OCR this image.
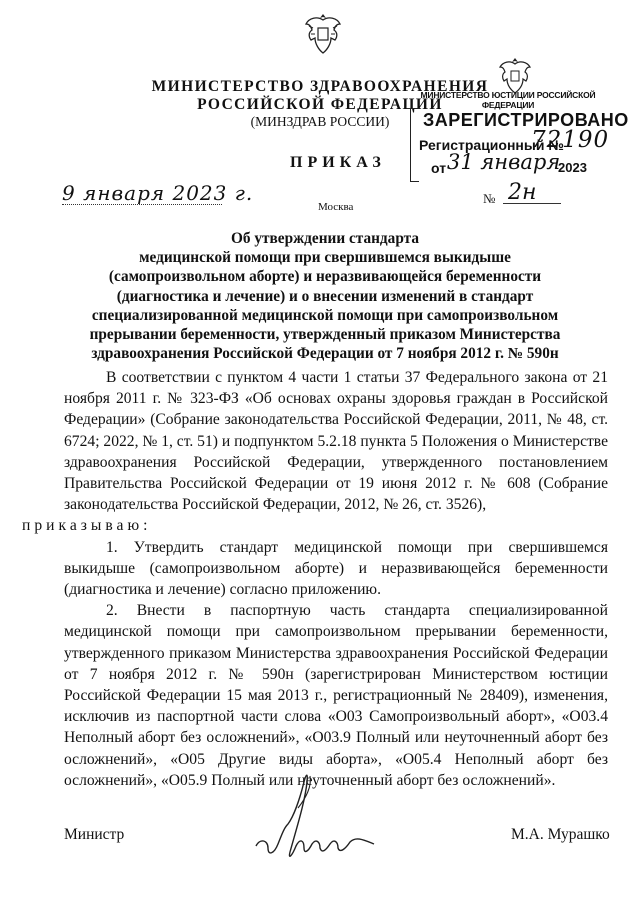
МИНИСТЕРСТВО ЗДРАВООХРАНЕНИЯ
РОССИЙСКОЙ ФЕДЕРАЦИИ
(МИНЗДРАВ РОССИИ)
МИНИСТЕРСТВО ЮСТИЦИИ РОССИЙСКОЙ ФЕДЕРАЦИИ
ЗАРЕГИСТРИРОВАНО
Регистрационный №
72190
от 31 января
2023
ПРИКАЗ
9 января 2023 г.
Москва
№ 2н
Об утверждении стандарта
медицинской помощи при свершившемся выкидыше
(самопроизвольном аборте) и неразвивающейся беременности
(диагностика и лечение) и о внесении изменений в стандарт
специализированной медицинской помощи при самопроизвольном
прерывании беременности, утвержденный приказом Министерства
здравоохранения Российской Федерации от 7 ноября 2012 г. № 590н

В соответствии с пунктом 4 части 1 статьи 37 Федерального закона от 21 ноября 2011 г. № 323-ФЗ «Об основах охраны здоровья граждан в Российской Федерации» (Собрание законодательства Российской Федерации, 2011, № 48, ст. 6724; 2022, № 1, ст. 51) и подпунктом 5.2.18 пункта 5 Положения о Министерстве здравоохранения Российской Федерации, утвержденного постановлением Правительства Российской Федерации от 19 июня 2012 г. № 608 (Собрание законодательства Российской Федерации, 2012, № 26, ст. 3526),
приказываю:

1. Утвердить стандарт медицинской помощи при свершившемся выкидыше (самопроизвольном аборте) и неразвивающейся беременности (диагностика и лечение) согласно приложению.

2. Внести в паспортную часть стандарта специализированной медицинской помощи при самопроизвольном прерывании беременности, утвержденного приказом Министерства здравоохранения Российской Федерации от 7 ноября 2012 г. № 590н (зарегистрирован Министерством юстиции Российской Федерации 15 мая 2013 г., регистрационный № 28409), изменения, исключив из паспортной части слова «O03 Самопроизвольный аборт», «O03.4 Неполный аборт без осложнений», «O03.9 Полный или неуточненный аборт без осложнений», «O05 Другие виды аборта», «O05.4 Неполный аборт без осложнений», «O05.9 Полный или неуточненный аборт без осложнений».

Министр	М.А. Мурашко
